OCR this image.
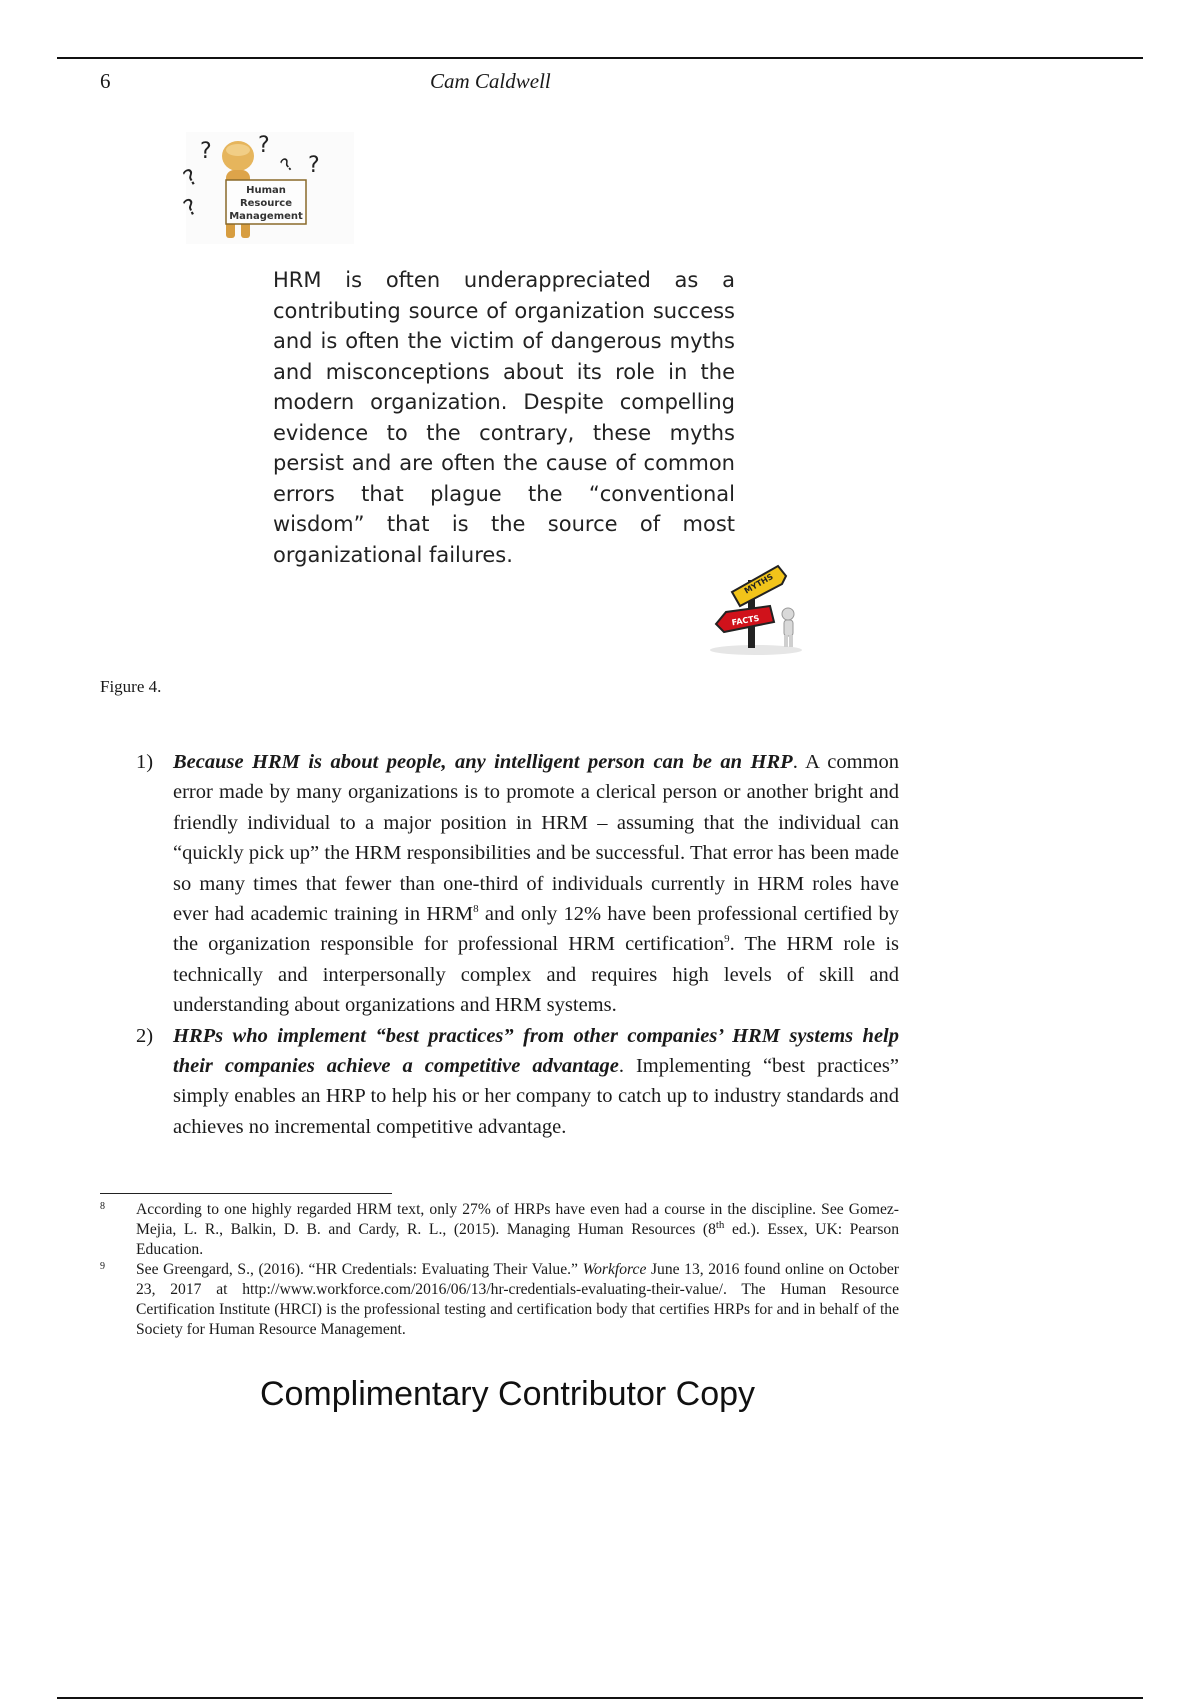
6	Cam Caldwell
?
?
?
?
? ?
Human
Resource
Management
HRM is often underappreciated as a contributing source of organization success and is often the victim of dangerous myths and misconceptions about its role in the modern organization. Despite compelling evidence to the contrary, these myths persist and are often the cause of common errors that plague the “conventional wisdom” that is the source of most organizational failures.
MYTHS
FACTS
Figure 4.
1) Because HRM is about people, any intelligent person can be an HRP. A common error made by many organizations is to promote a clerical person or another bright and friendly individual to a major position in HRM – assuming that the individual can “quickly pick up” the HRM responsibilities and be successful. That error has been made so many times that fewer than one-third of individuals currently in HRM roles have ever had academic training in HRM$^8$ and only 12% have been professional certified by the organization responsible for professional HRM certification$^9$. The HRM role is technically and interpersonally complex and requires high levels of skill and understanding about organizations and HRM systems.
2) HRPs who implement “best practices” from other companies’ HRM systems help their companies achieve a competitive advantage. Implementing “best practices” simply enables an HRP to help his or her company to catch up to industry standards and achieves no incremental competitive advantage.

8 According to one highly regarded HRM text, only 27% of HRPs have even had a course in the discipline. See Gomez-Mejia, L. R., Balkin, D. B. and Cardy, R. L., (2015). Managing Human Resources (8th ed.). Essex, UK: Pearson Education.

9 See Greengard, S., (2016). “HR Credentials: Evaluating Their Value.” Workforce June 13, 2016 found online on October 23, 2017 at http://www.workforce.com/2016/06/13/hr-credentials-evaluating-their-value/. The Human Resource Certification Institute (HRCI) is the professional testing and certification body that certifies HRPs for and in behalf of the Society for Human Resource Management.

Complimentary Contributor Copy
